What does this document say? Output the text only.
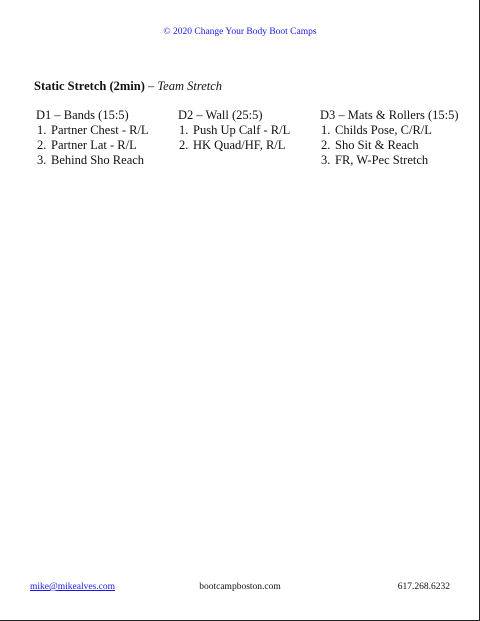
© 2020 Change Your Body Boot Camps
Static Stretch (2min) – Team Stretch
D1 – Bands (15:5)
1. Partner Chest - R/L
2. Partner Lat - R/L
3. Behind Sho Reach
D2 – Wall (25:5)
1. Push Up Calf - R/L
2. HK Quad/HF, R/L
D3 – Mats & Rollers (15:5)
1. Childs Pose, C/R/L
2. Sho Sit & Reach
3. FR, W-Pec Stretch
mike@mikealves.com	bootcampboston.com	617.268.6232
